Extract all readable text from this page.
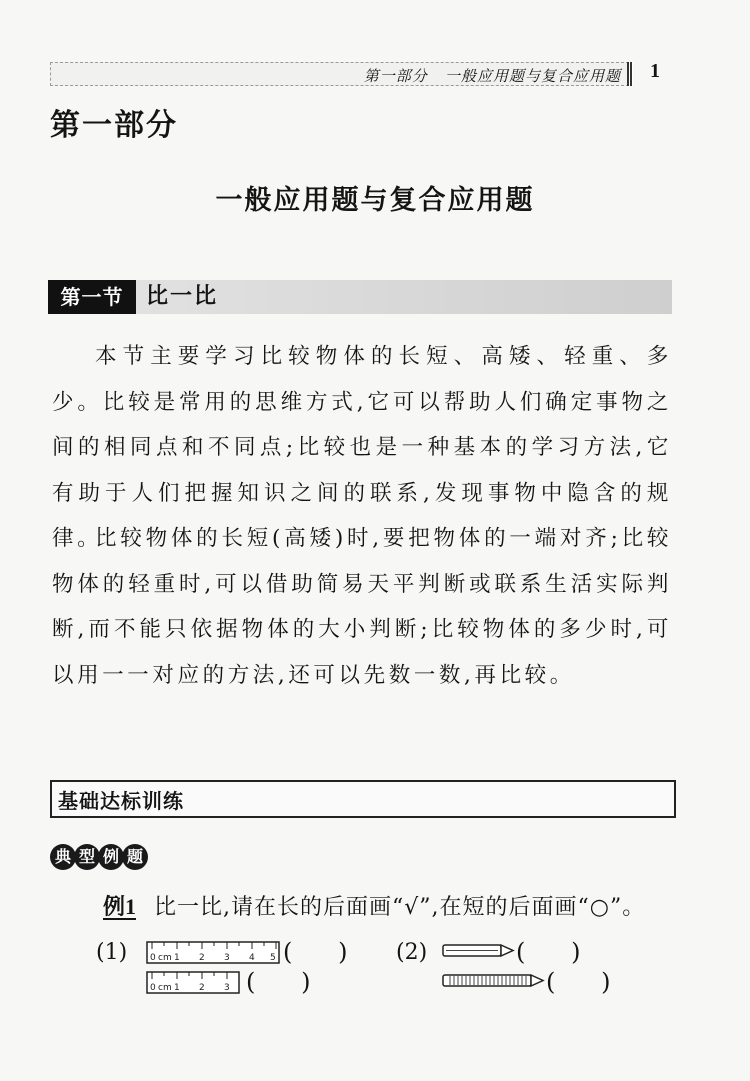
第一部分   一般应用题与复合应用题 1
第一部分
一般应用题与复合应用题
第一节	比一比

本节主要学习比较物体的长短、高矮、轻重、多少。比较是常用的思维方式,它可以帮助人们确定事物之间的相同点和不同点;比较也是一种基本的学习方法,它有助于人们把握知识之间的联系,发现事物中隐含的规律。

比较物体的长短(高矮)时,要把物体的一端对齐;比较物体的轻重时,可以借助简易天平判断或联系生活实际判断,而不能只依据物体的大小判断;比较物体的多少时,可以用一一对应的方法,还可以先数一数,再比较。

基础达标训练
典 型 例 题
例1 比一比,请在长的后面画“√”,在短的后面画“○”。
(1)	0 cm 1 2 3 4 5 (      )
0 cm 1 2 3 (      )
(2)	(      )
(      )
